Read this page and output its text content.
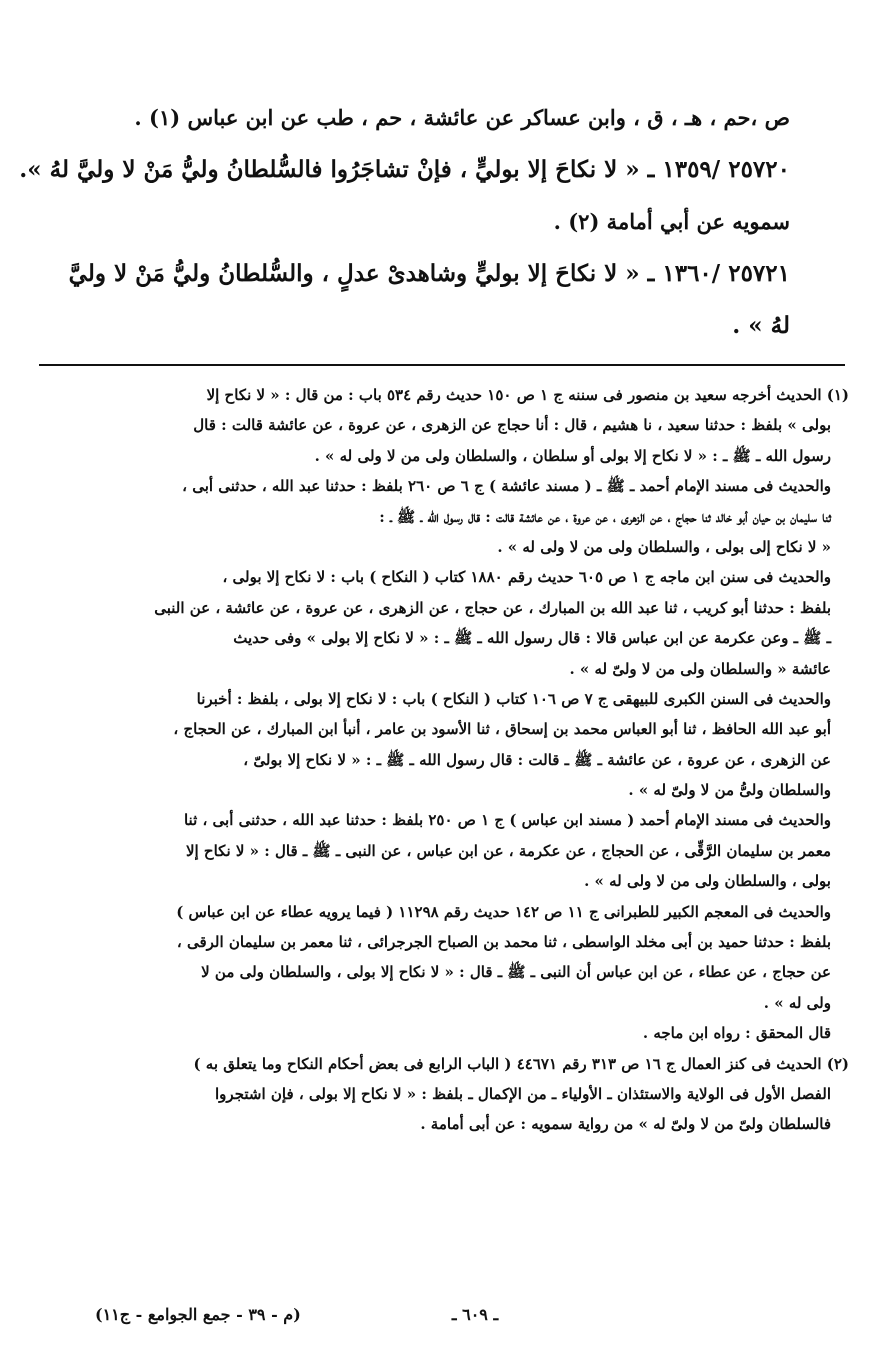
ص ،حم ، هـ ، ق ، وابن عساكر عن عائشة ، حم ، طب عن ابن عباس (١) .

٢٥٧٢٠ /١٣٥٩ ـ « لا نكاحَ إلا بوليٍّ ، فإنْ تشاجَرُوا فالسُّلطانُ وليُّ مَنْ لا وليَّ لهُ ».

سمويه عن أبي أمامة (٢) .

٢٥٧٢١ /١٣٦٠ ـ « لا نكاحَ إلا بوليٍّ وشاهدىْ عدلٍ ، والسُّلطانُ وليُّ مَنْ لا وليَّ

لهُ » .

(١) الحديث أخرجه سعيد بن منصور فى سننه ج ١ ص ١٥٠ حديث رقم ٥٣٤ باب : من قال : « لا نكاح إلا
بولى » بلفظ : حدثنا سعيد ، نا هشيم ، قال : أنا حجاج عن الزهرى ، عن عروة ، عن عائشة قالت : قال
رسول الله ـ ﷺ ـ : « لا نكاح إلا بولى أو سلطان ، والسلطان ولى من لا ولى له » .
والحديث فى مسند الإمام أحمد ـ ﷺ ـ ( مسند عائشة ) ج ٦ ص ٢٦٠ بلفظ : حدثنا عبد الله ، حدثنى أبى ،
ثنا سليمان بن حيان أبو خالد ثنا حجاج ، عن الزهرى ، عن عروة ، عن عائشة قالت : قال رسول الله ـ ﷺ ـ :
« لا نكاح إلى بولى ، والسلطان ولى من لا ولى له » .
والحديث فى سنن ابن ماجه ج ١ ص ٦٠٥ حديث رقم ١٨٨٠ كتاب ( النكاح ) باب : لا نكاح إلا بولى ،
بلفظ : حدثنا أبو كريب ، ثنا عبد الله بن المبارك ، عن حجاج ، عن الزهرى ، عن عروة ، عن عائشة ، عن النبى
ـ ﷺ ـ وعن عكرمة عن ابن عباس قالا : قال رسول الله ـ ﷺ ـ : « لا نكاح إلا بولى » وفى حديث
عائشة « والسلطان ولى من لا ولىّ له » .
والحديث فى السنن الكبرى للبيهقى ج ٧ ص ١٠٦ كتاب ( النكاح ) باب : لا نكاح إلا بولى ، بلفظ : أخبرنا
أبو عبد الله الحافظ ، ثنا أبو العباس محمد بن إسحاق ، ثنا الأسود بن عامر ، أنبأ ابن المبارك ، عن الحجاج ،
عن الزهرى ، عن عروة ، عن عائشة ـ ﷺ ـ قالت : قال رسول الله ـ ﷺ ـ : « لا نكاح إلا بولىّ ،
والسلطان ولىُّ من لا ولىّ له » .
والحديث فى مسند الإمام أحمد ( مسند ابن عباس ) ج ١ ص ٢٥٠ بلفظ : حدثنا عبد الله ، حدثنى أبى ، ثنا
معمر بن سليمان الرَّقِّى ، عن الحجاج ، عن عكرمة ، عن ابن عباس ، عن النبى ـ ﷺ ـ قال : « لا نكاح إلا
بولى ، والسلطان ولى من لا ولى له » .
والحديث فى المعجم الكبير للطبرانى ج ١١ ص ١٤٢ حديث رقم ١١٢٩٨ ( فيما يرويه عطاء عن ابن عباس )
بلفظ : حدثنا حميد بن أبى مخلد الواسطى ، ثنا محمد بن الصباح الجرجرائى ، ثنا معمر بن سليمان الرقى ،
عن حجاج ، عن عطاء ، عن ابن عباس أن النبى ـ ﷺ ـ قال : « لا نكاح إلا بولى ، والسلطان ولى من لا
ولى له » .
قال المحقق : رواه ابن ماجه .
(٢) الحديث فى كنز العمال ج ١٦ ص ٣١٣ رقم ٤٤٦٧١ ( الباب الرابع فى بعض أحكام النكاح وما يتعلق به )
الفصل الأول فى الولاية والاستئذان ـ الأولياء ـ من الإكمال ـ بلفظ : « لا نكاح إلا بولى ، فإن اشتجروا
فالسلطان ولىّ من لا ولىّ له » من رواية سمويه : عن أبى أمامة .
ـ ٦٠٩ ـ
(م - ٣٩ - جمع الجوامع - ج١١)
